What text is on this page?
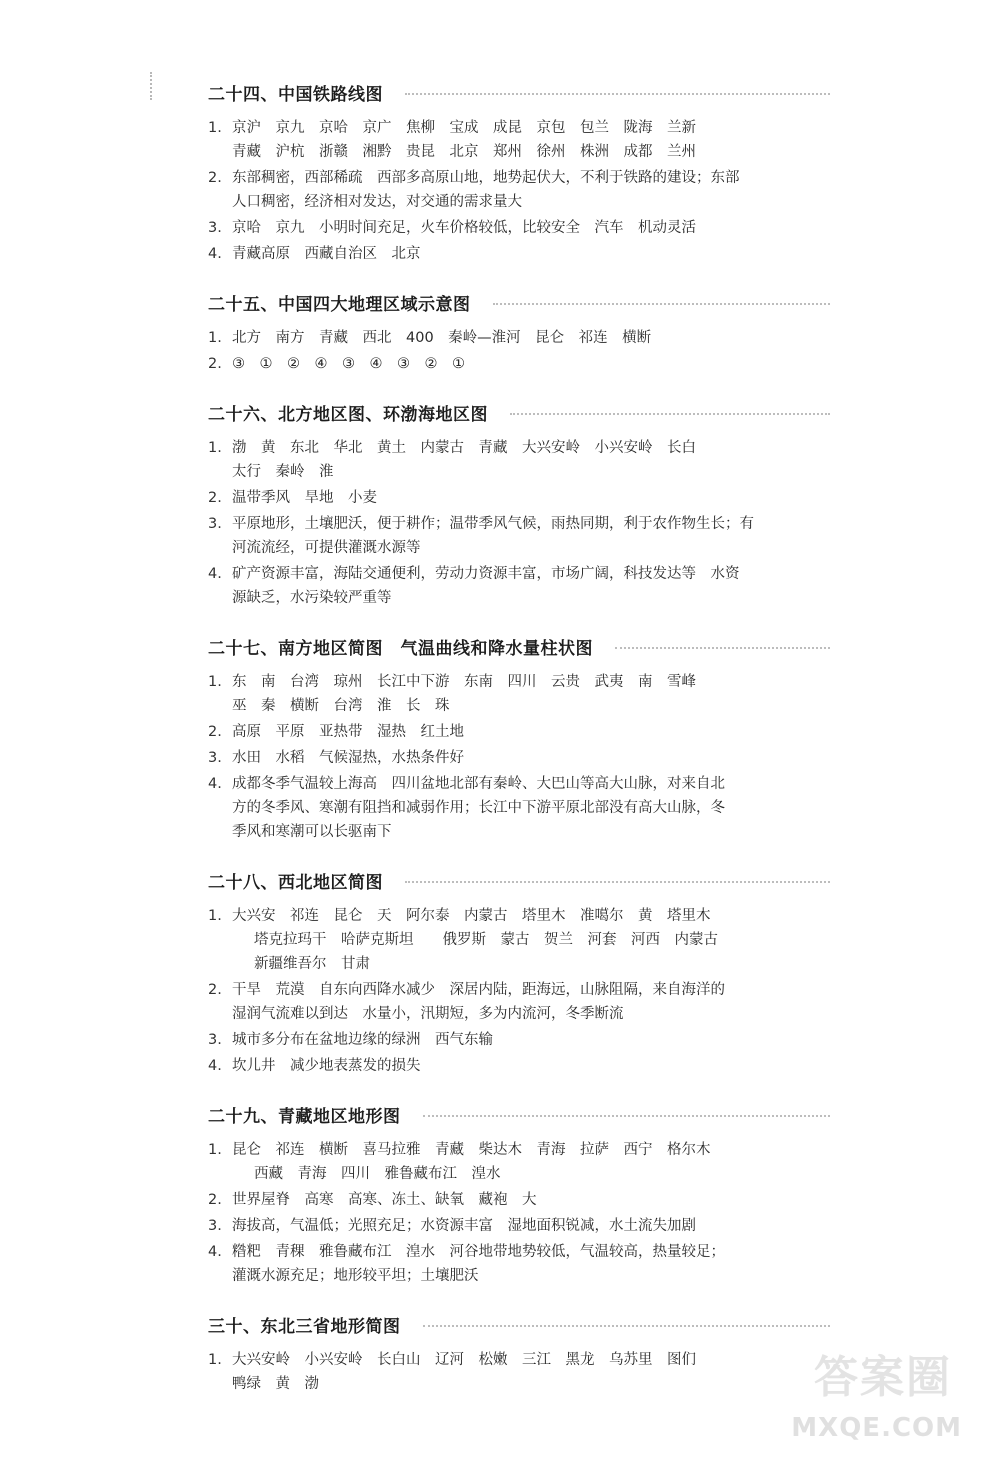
二十四、中国铁路线图
1. 京沪　京九　京哈　京广　焦柳　宝成　成昆　京包　包兰　陇海　兰新
青藏　沪杭　浙赣　湘黔　贵昆　北京　郑州　徐州　株洲　成都　兰州
2. 东部稠密，西部稀疏　西部多高原山地，地势起伏大，不利于铁路的建设；东部
人口稠密，经济相对发达，对交通的需求量大
3. 京哈　京九　小明时间充足，火车价格较低，比较安全　汽车　机动灵活
4. 青藏高原　西藏自治区　北京
二十五、中国四大地理区域示意图
1. 北方　南方　青藏　西北　400　秦岭—淮河　昆仑　祁连　横断
2. ③　①　②　④　③　④　③　②　①
二十六、北方地区图、环渤海地区图
1. 渤　黄　东北　华北　黄土　内蒙古　青藏　大兴安岭　小兴安岭　长白
太行　秦岭　淮
2. 温带季风　旱地　小麦
3. 平原地形，土壤肥沃，便于耕作；温带季风气候，雨热同期，利于农作物生长；有
河流流经，可提供灌溉水源等
4. 矿产资源丰富，海陆交通便利，劳动力资源丰富，市场广阔，科技发达等　水资
源缺乏，水污染较严重等
二十七、南方地区简图　气温曲线和降水量柱状图
1. 东　南　台湾　琼州　长江中下游　东南　四川　云贵　武夷　南　雪峰
巫　秦　横断　台湾　淮　长　珠
2. 高原　平原　亚热带　湿热　红土地
3. 水田　水稻　气候湿热，水热条件好
4. 成都冬季气温较上海高　四川盆地北部有秦岭、大巴山等高大山脉，对来自北
方的冬季风、寒潮有阻挡和减弱作用；长江中下游平原北部没有高大山脉，冬
季风和寒潮可以长驱南下
二十八、西北地区简图
1. 大兴安　祁连　昆仑　天　阿尔泰　内蒙古　塔里木　准噶尔　黄　塔里木
塔克拉玛干　哈萨克斯坦　　俄罗斯　蒙古　贺兰　河套　河西　内蒙古
新疆维吾尔　甘肃
2. 干旱　荒漠　自东向西降水减少　深居内陆，距海远，山脉阻隔，来自海洋的
湿润气流难以到达　水量小，汛期短，多为内流河，冬季断流
3. 城市多分布在盆地边缘的绿洲　西气东输
4. 坎儿井　减少地表蒸发的损失
二十九、青藏地区地形图
1. 昆仑　祁连　横断　喜马拉雅　青藏　柴达木　青海　拉萨　西宁　格尔木
西藏　青海　四川　雅鲁藏布江　湟水
2. 世界屋脊　高寒　高寒、冻土、缺氧　藏袍　大
3. 海拔高，气温低；光照充足；水资源丰富　湿地面积锐减，水土流失加剧
4. 糌粑　青稞　雅鲁藏布江　湟水　河谷地带地势较低，气温较高，热量较足；
灌溉水源充足；地形较平坦；土壤肥沃
三十、东北三省地形简图
1. 大兴安岭　小兴安岭　长白山　辽河　松嫩　三江　黑龙　乌苏里　图们
鸭绿　黄　渤	答案圈
MXQE.COM
